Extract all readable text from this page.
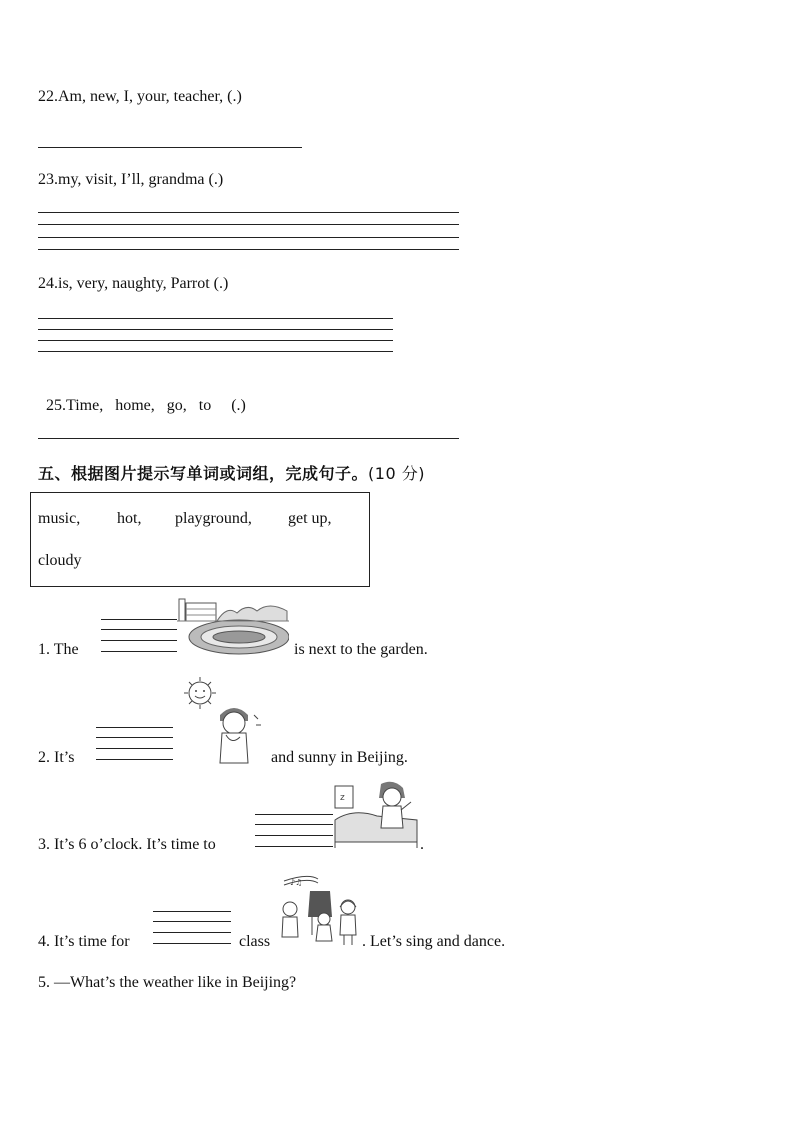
22.Am, new, I, your, teacher, (.)
23.my, visit, I’ll, grandma (.)
24.is, very, naughty, Parrot (.)

25.Time,   home,   go,   to     (.)

五、根据图片提示写单词或词组，完成句子。(10 分)
music, hot, playground, get up,
cloudy
1. The	is next to the garden.
2. It’s	and sunny in Beijing.
3. It’s 6 o’clock. It’s time to
z
.
4. It’s time for	class
♪♫
. Let’s sing and dance.
5. —What’s the weather like in Beijing?
